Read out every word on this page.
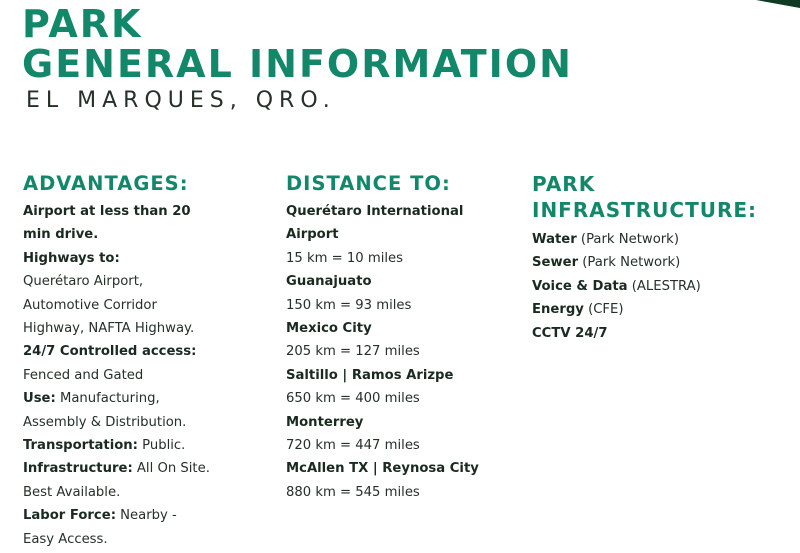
PARK
GENERAL INFORMATION
EL MARQUES, QRO.
ADVANTAGES:
Airport at less than 20
min drive.
Highways to:
Querétaro Airport,
Automotive Corridor
Highway, NAFTA Highway.
24/7 Controlled access:
Fenced and Gated
Use: Manufacturing,
Assembly & Distribution.
Transportation: Public.
Infrastructure: All On Site.
Best Available.
Labor Force: Nearby -
Easy Access.
DISTANCE TO:
Querétaro International
Airport
15 km = 10 miles
Guanajuato
150 km = 93 miles
Mexico City
205 km = 127 miles
Saltillo | Ramos Arizpe
650 km = 400 miles
Monterrey
720 km = 447 miles
McAllen TX | Reynosa City
880 km = 545 miles
PARK
INFRASTRUCTURE:
Water (Park Network)
Sewer (Park Network)
Voice & Data (ALESTRA)
Energy (CFE)
CCTV 24/7
